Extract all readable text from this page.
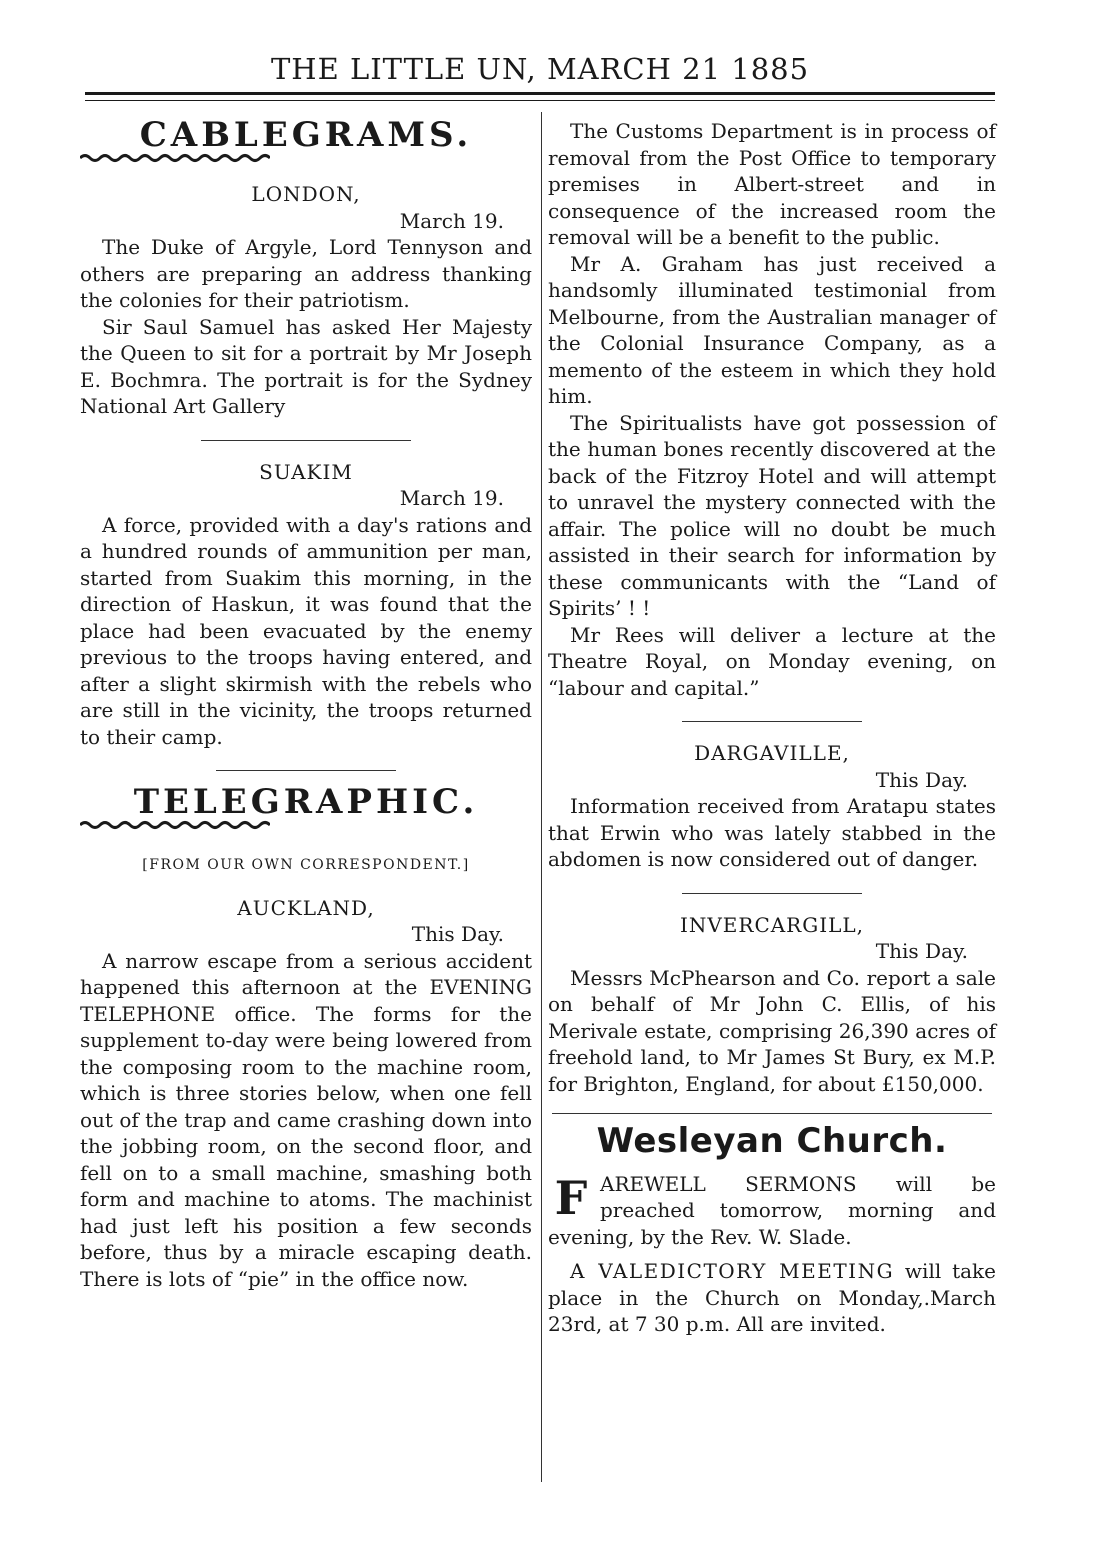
THE LITTLE UN, MARCH 21 1885
CABLEGRAMS.
LONDON,
March 19.

The Duke of Argyle, Lord Tennyson and others are preparing an address thanking the colonies for their patriotism.

Sir Saul Samuel has asked Her Majesty the Queen to sit for a portrait by Mr Joseph E. Bochmra. The portrait is for the Sydney National Art Gallery

SUAKIM
March 19.

A force, provided with a day's rations and a hundred rounds of ammunition per man, started from Suakim this morning, in the direction of Haskun, it was found that the place had been evacuated by the enemy previous to the troops having entered, and after a slight skirmish with the rebels who are still in the vicinity, the troops returned to their camp.

TELEGRAPHIC.
[FROM OUR OWN CORRESPONDENT.]
AUCKLAND,
This Day.

A narrow escape from a serious accident happened this afternoon at the EVENING TELEPHONE office. The forms for the supplement to-day were being lowered from the composing room to the machine room, which is three stories below, when one fell out of the trap and came crashing down into the jobbing room, on the second floor, and fell on to a small machine, smashing both form and machine to atoms. The machinist had just left his position a few seconds before, thus by a miracle escaping death. There is lots of “pie” in the office now.

The Customs Department is in process of removal from the Post Office to temporary premises in Albert-street and in consequence of the increased room the removal will be a benefit to the public.

Mr A. Graham has just received a handsomly illuminated testimonial from Melbourne, from the Australian manager of the Colonial Insurance Company, as a memento of the esteem in which they hold him.

The Spiritualists have got possession of the human bones recently discovered at the back of the Fitzroy Hotel and will attempt to unravel the mystery connected with the affair. The police will no doubt be much assisted in their search for information by these communicants with the “Land of Spirits’ ! !

Mr Rees will deliver a lecture at the Theatre Royal, on Monday evening, on “labour and capital.”

DARGAVILLE,
This Day.

Information received from Aratapu states that Erwin who was lately stabbed in the abdomen is now considered out of danger.

INVERCARGILL,
This Day.

Messrs McPhearson and Co. report a sale on behalf of Mr John C. Ellis, of his Merivale estate, comprising 26,390 acres of freehold land, to Mr James St Bury, ex M.P. for Brighton, England, for about £150,000.

Wesleyan Church.

F AREWELL SERMONS will be preached tomorrow, morning and evening, by the Rev. W. Slade.

A VALEDICTORY MEETING will take place in the Church on Monday,.March 23rd, at 7 30 p.m. All are invited.
